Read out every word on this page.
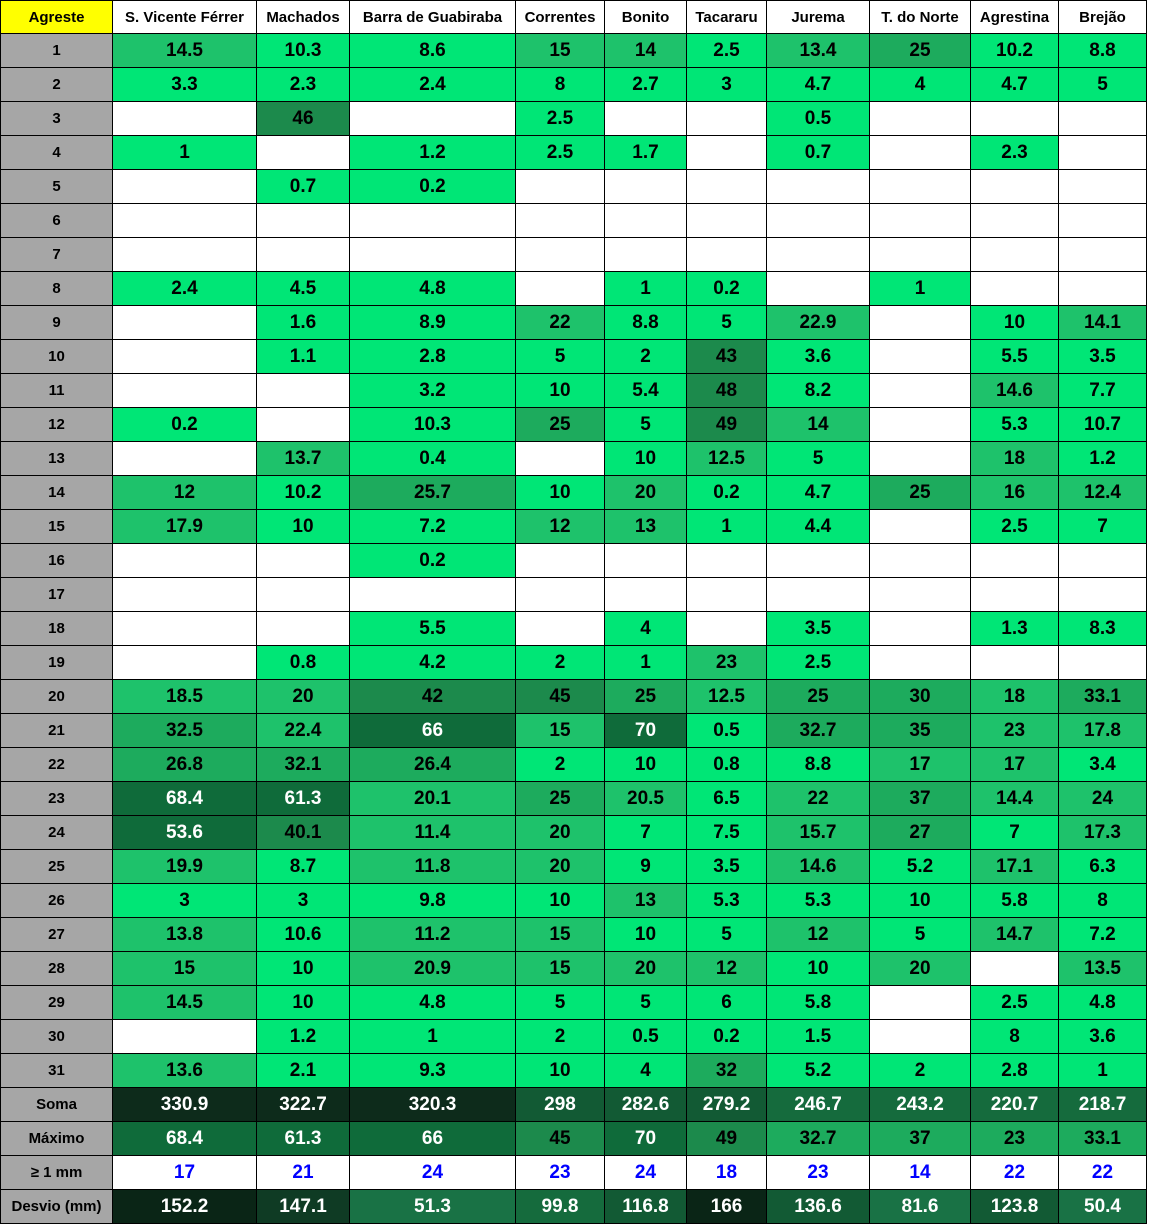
Agreste	S. Vicente Férrer	Machados	Barra de Guabiraba	Correntes	Bonito	Tacararu	Jurema	T. do Norte	Agrestina	Brejão
1	14.5	10.3	8.6	15	14	2.5	13.4	25	10.2	8.8
2	3.3	2.3	2.4	8	2.7	3	4.7	4	4.7	5
3		46		2.5			0.5			
4	1		1.2	2.5	1.7		0.7		2.3	
5		0.7	0.2							
6										
7										
8	2.4	4.5	4.8		1	0.2		1		
9		1.6	8.9	22	8.8	5	22.9		10	14.1
10		1.1	2.8	5	2	43	3.6		5.5	3.5
11			3.2	10	5.4	48	8.2		14.6	7.7
12	0.2		10.3	25	5	49	14		5.3	10.7
13		13.7	0.4		10	12.5	5		18	1.2
14	12	10.2	25.7	10	20	0.2	4.7	25	16	12.4
15	17.9	10	7.2	12	13	1	4.4		2.5	7
16			0.2							
17										
18			5.5		4		3.5		1.3	8.3
19		0.8	4.2	2	1	23	2.5			
20	18.5	20	42	45	25	12.5	25	30	18	33.1
21	32.5	22.4	66	15	70	0.5	32.7	35	23	17.8
22	26.8	32.1	26.4	2	10	0.8	8.8	17	17	3.4
23	68.4	61.3	20.1	25	20.5	6.5	22	37	14.4	24
24	53.6	40.1	11.4	20	7	7.5	15.7	27	7	17.3
25	19.9	8.7	11.8	20	9	3.5	14.6	5.2	17.1	6.3
26	3	3	9.8	10	13	5.3	5.3	10	5.8	8
27	13.8	10.6	11.2	15	10	5	12	5	14.7	7.2
28	15	10	20.9	15	20	12	10	20		13.5
29	14.5	10	4.8	5	5	6	5.8		2.5	4.8
30		1.2	1	2	0.5	0.2	1.5		8	3.6
31	13.6	2.1	9.3	10	4	32	5.2	2	2.8	1
Soma	330.9	322.7	320.3	298	282.6	279.2	246.7	243.2	220.7	218.7
Máximo	68.4	61.3	66	45	70	49	32.7	37	23	33.1
≥ 1 mm	17	21	24	23	24	18	23	14	22	22
Desvio (mm)	152.2	147.1	51.3	99.8	116.8	166	136.6	81.6	123.8	50.4
